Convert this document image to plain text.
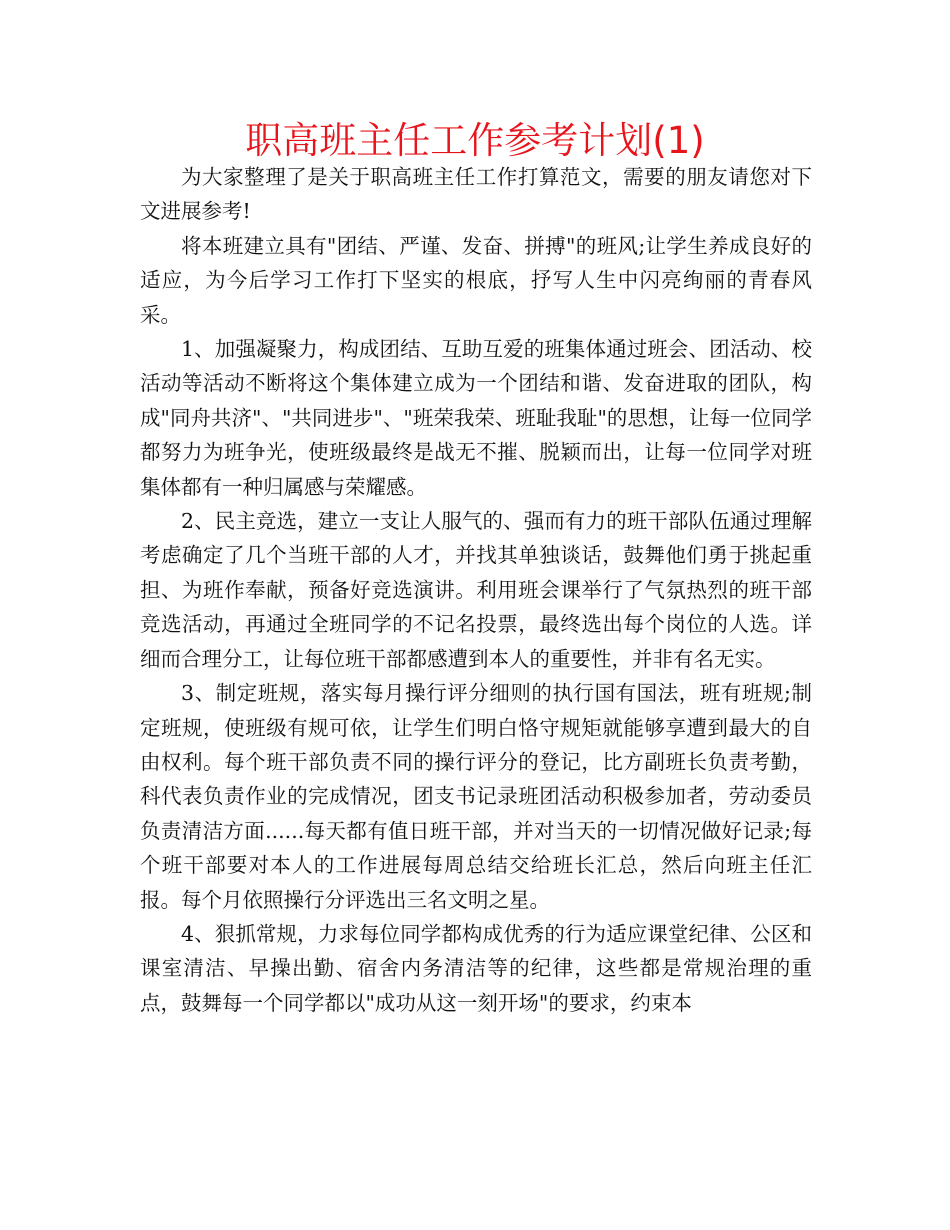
职高班主任工作参考计划(1)

为大家整理了是关于职高班主任工作打算范文，需要的朋友请您对下文进展参考!

将本班建立具有"团结、严谨、发奋、拼搏"的班风;让学生养成良好的适应，为今后学习工作打下坚实的根底，抒写人生中闪亮绚丽的青春风采。

1、加强凝聚力，构成团结、互助互爱的班集体通过班会、团活动、校活动等活动不断将这个集体建立成为一个团结和谐、发奋进取的团队，构成"同舟共济"、"共同进步"、"班荣我荣、班耻我耻"的思想，让每一位同学都努力为班争光，使班级最终是战无不摧、脱颖而出，让每一位同学对班集体都有一种归属感与荣耀感。

2、民主竞选，建立一支让人服气的、强而有力的班干部队伍通过理解考虑确定了几个当班干部的人才，并找其单独谈话，鼓舞他们勇于挑起重担、为班作奉献，预备好竞选演讲。利用班会课举行了气氛热烈的班干部竞选活动，再通过全班同学的不记名投票，最终选出每个岗位的人选。详细而合理分工，让每位班干部都感遭到本人的重要性，并非有名无实。

3、制定班规，落实每月操行评分细则的执行国有国法，班有班规;制定班规，使班级有规可依，让学生们明白恪守规矩就能够享遭到最大的自由权利。每个班干部负责不同的操行评分的登记，比方副班长负责考勤，科代表负责作业的完成情况，团支书记录班团活动积极参加者，劳动委员负责清洁方面......每天都有值日班干部，并对当天的一切情况做好记录;每个班干部要对本人的工作进展每周总结交给班长汇总，然后向班主任汇报。每个月依照操行分评选出三名文明之星。

4、狠抓常规，力求每位同学都构成优秀的行为适应课堂纪律、公区和课室清洁、早操出勤、宿舍内务清洁等的纪律，这些都是常规治理的重点，鼓舞每一个同学都以"成功从这一刻开场"的要求，约束本
